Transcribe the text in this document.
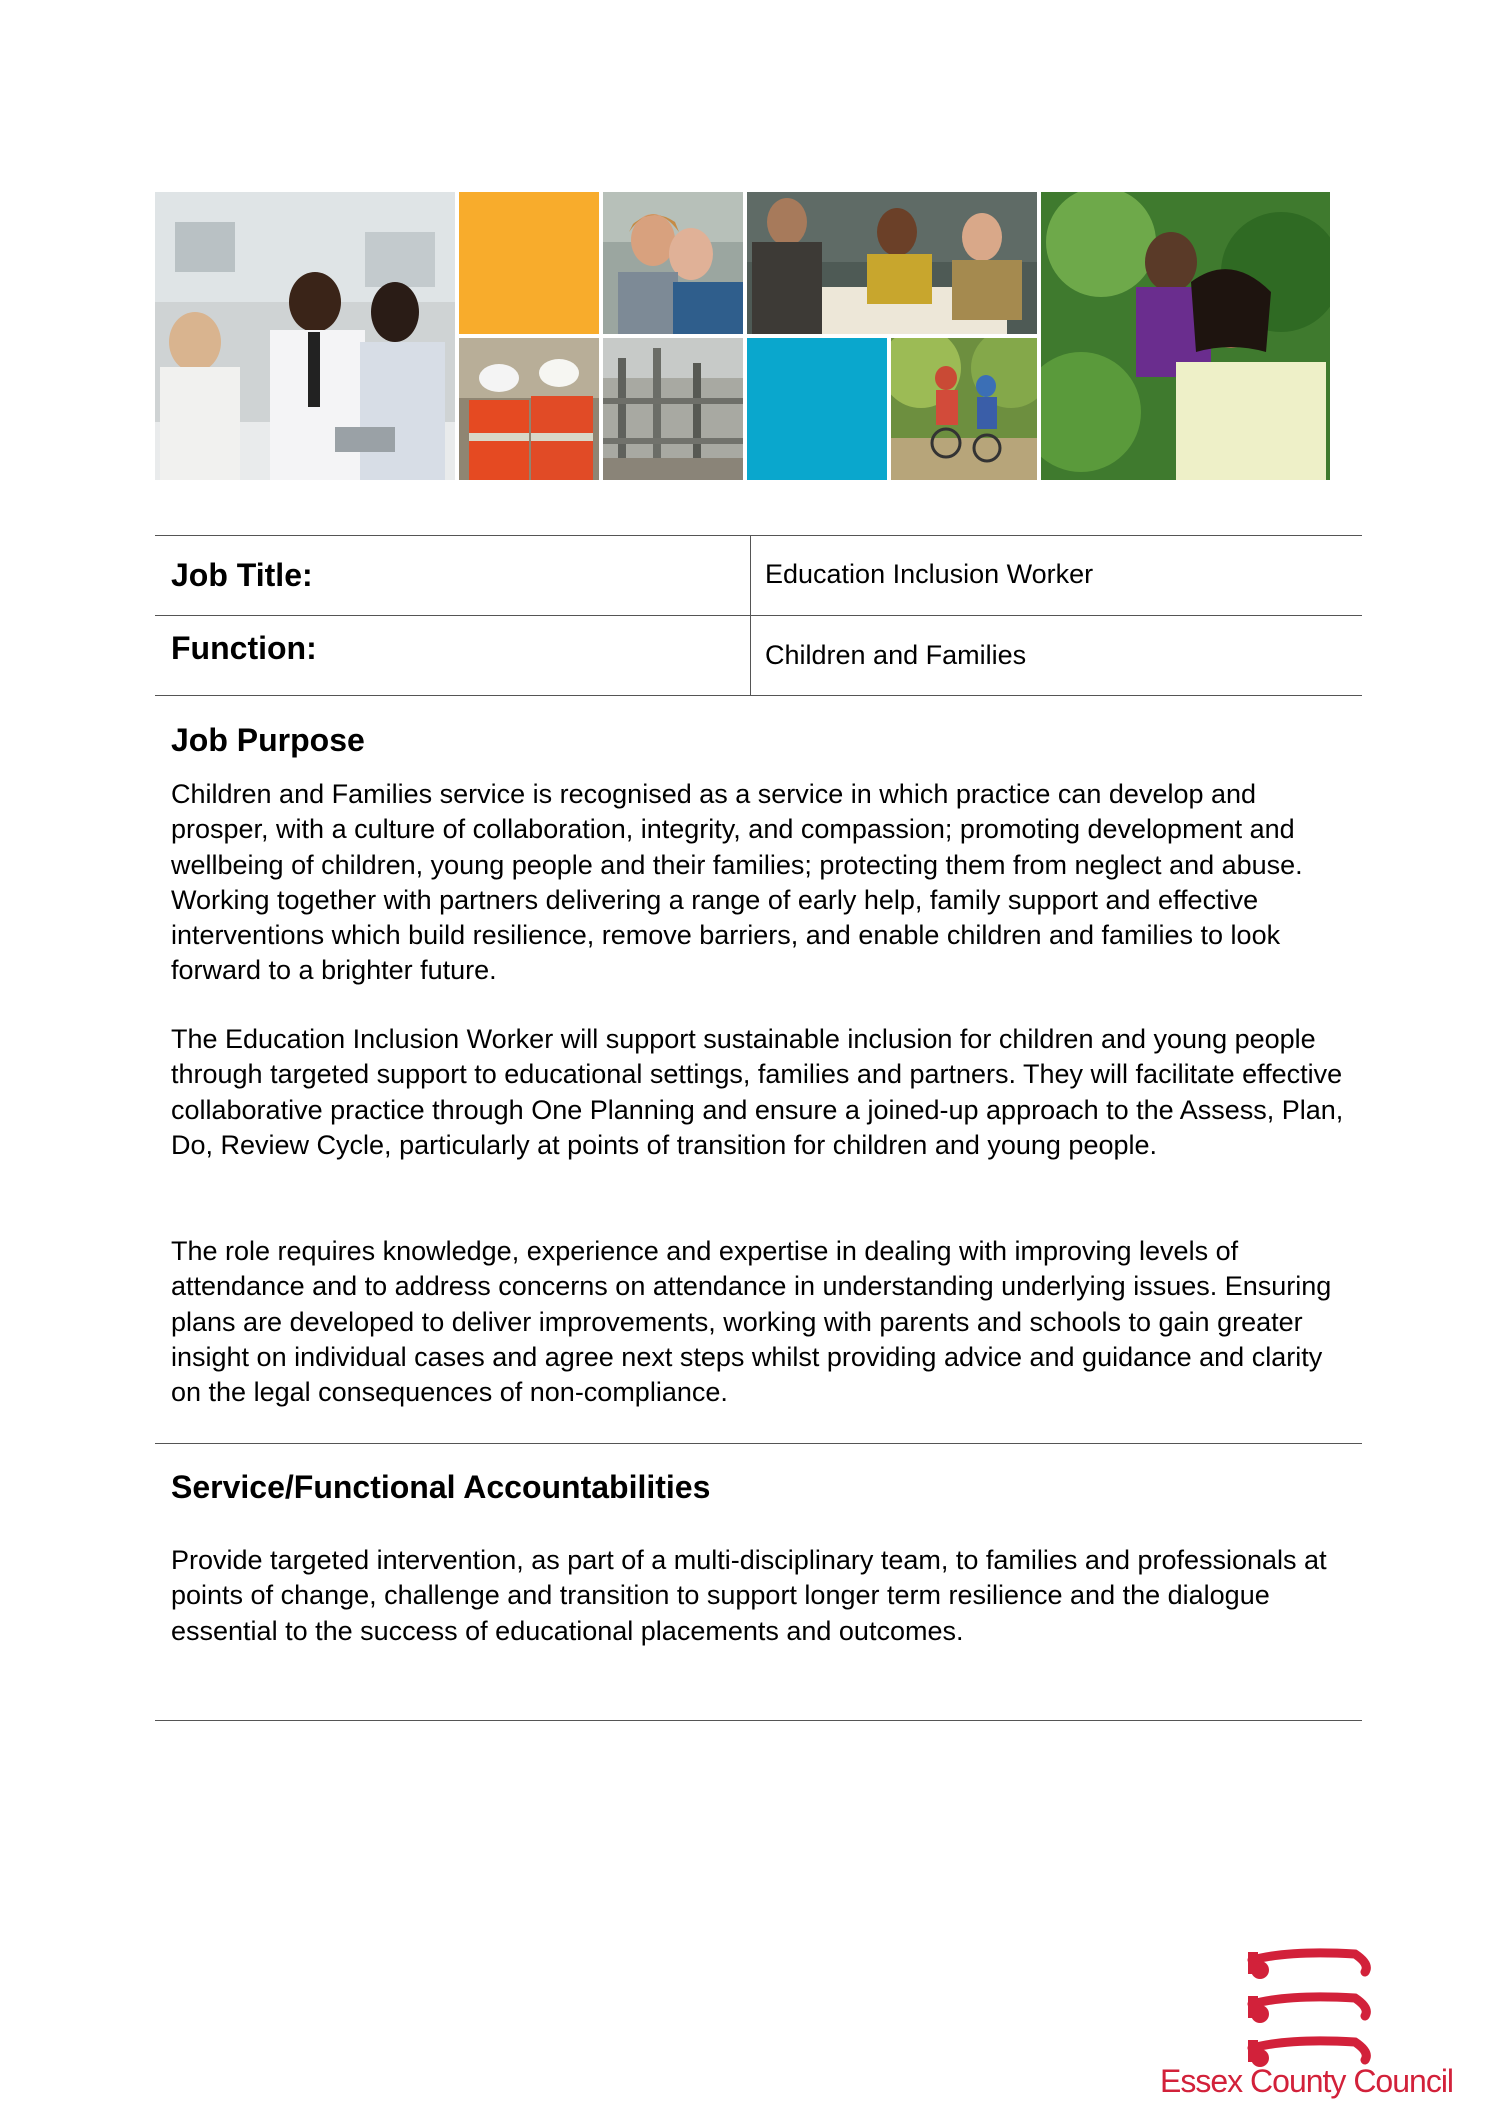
Job Title:	Education Inclusion Worker
Function:	Children and Families
Job Purpose

Children and Families service is recognised as a service in which practice can develop and prosper, with a culture of collaboration, integrity, and compassion; promoting development and wellbeing of children, young people and their families; protecting them from neglect and abuse. Working together with partners delivering a range of early help, family support and effective interventions which build resilience, remove barriers, and enable children and families to look forward to a brighter future.

The Education Inclusion Worker will support sustainable inclusion for children and young people through targeted support to educational settings, families and partners. They will facilitate effective collaborative practice through One Planning and ensure a joined-up approach to the Assess, Plan, Do, Review Cycle, particularly at points of transition for children and young people.

The role requires knowledge, experience and expertise in dealing with improving levels of attendance and to address concerns on attendance in understanding underlying issues. Ensuring plans are developed to deliver improvements, working with parents and schools to gain greater insight on individual cases and agree next steps whilst providing advice and guidance and clarity on the legal consequences of non-compliance.

Service/Functional Accountabilities

Provide targeted intervention, as part of a multi-disciplinary team, to families and professionals at points of change, challenge and transition to support longer term resilience and the dialogue essential to the success of educational placements and outcomes.

Essex County Council
